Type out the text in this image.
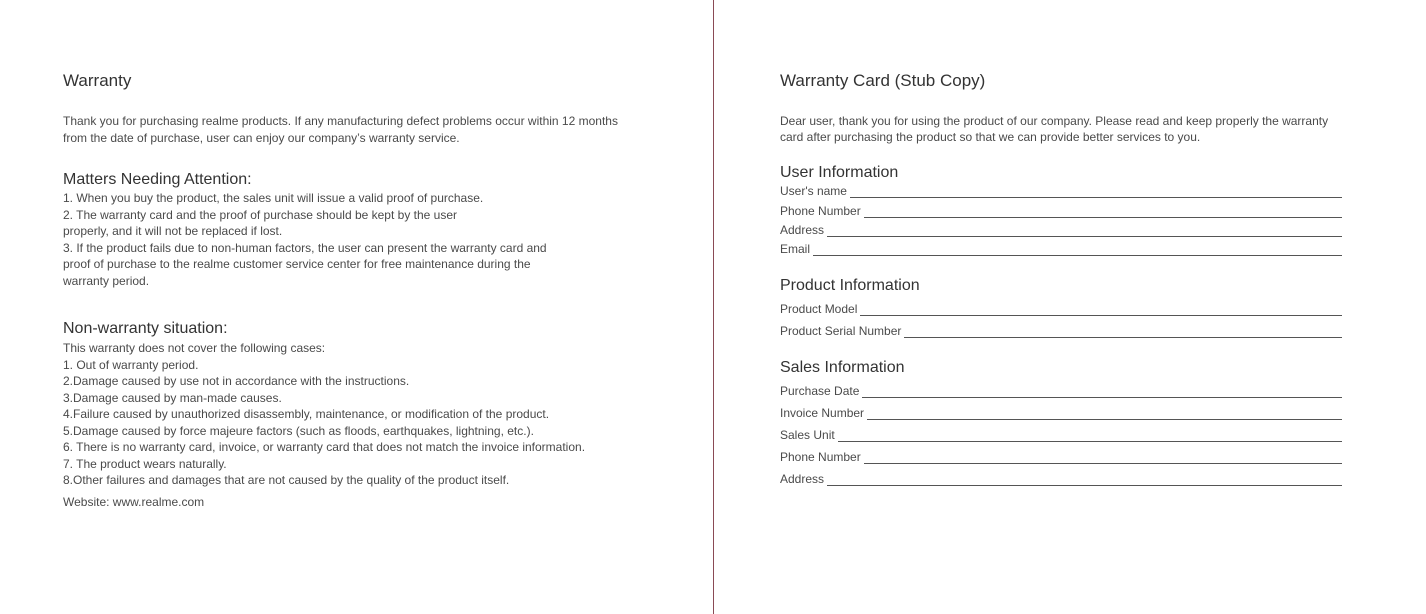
Warranty
Thank you for purchasing realme products. If any manufacturing defect problems occur within 12 months from the date of purchase, user can enjoy our company’s warranty service.
Matters Needing Attention:
1. When you buy the product, the sales unit will issue a valid proof of purchase.
2. The warranty card and the proof of purchase should be kept by the user
properly, and it will not be replaced if lost.
3. If the product fails due to non-human factors, the user can present the warranty card and
proof of purchase to the realme customer service center for free maintenance during the
warranty period.
Non-warranty situation:
This warranty does not cover the following cases:
1. Out of warranty period.
2.Damage caused by use not in accordance with the instructions.
3.Damage caused by man-made causes.
4.Failure caused by unauthorized disassembly, maintenance, or modification of the product.
5.Damage caused by force majeure factors (such as floods, earthquakes, lightning, etc.).
6. There is no warranty card, invoice, or warranty card that does not match the invoice information.
7. The product wears naturally.
8.Other failures and damages that are not caused by the quality of the product itself.
Website: www.realme.com
Warranty Card (Stub Copy)
Dear user, thank you for using the product of our company. Please read and keep properly the warranty card after purchasing the product so that we can provide better services to you.
User Information
User's name
Phone Number
Address
Email
Product Information
Product Model
Product Serial Number
Sales Information
Purchase Date
Invoice Number
Sales Unit
Phone Number
Address
